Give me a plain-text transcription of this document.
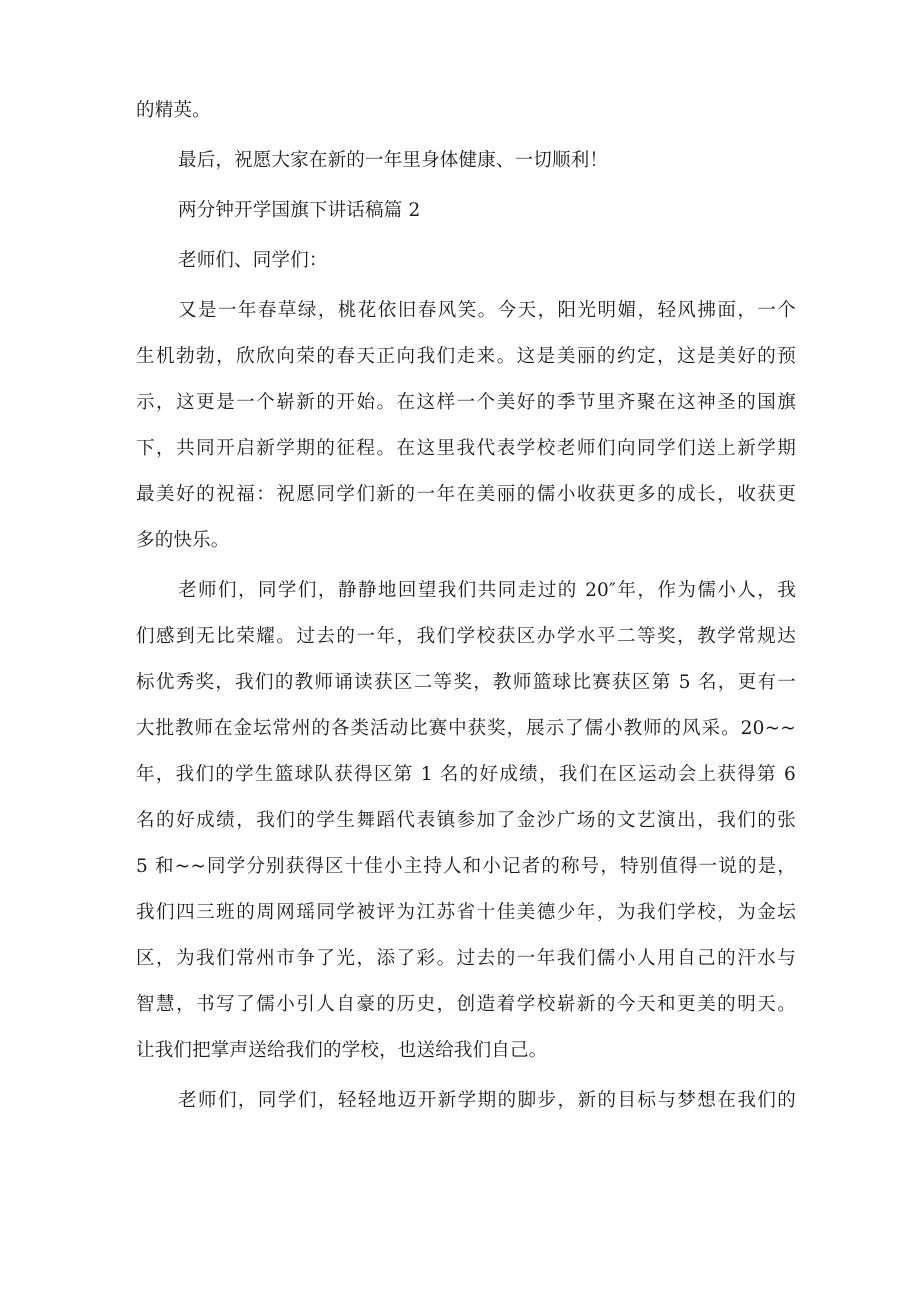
的精英。
最后，祝愿大家在新的一年里身体健康、一切顺利！
两分钟开学国旗下讲话稿篇 2
老师们、同学们：
又是一年春草绿，桃花依旧春风笑。今天，阳光明媚，轻风拂面，一个
生机勃勃，欣欣向荣的春天正向我们走来。这是美丽的约定，这是美好的预
示，这更是一个崭新的开始。在这样一个美好的季节里齐聚在这神圣的国旗
下，共同开启新学期的征程。在这里我代表学校老师们向同学们送上新学期
最美好的祝福：祝愿同学们新的一年在美丽的儒小收获更多的成长，收获更
多的快乐。
老师们，同学们，静静地回望我们共同走过的 20″年，作为儒小人，我
们感到无比荣耀。过去的一年，我们学校获区办学水平二等奖，教学常规达
标优秀奖，我们的教师诵读获区二等奖，教师篮球比赛获区第 5 名，更有一
大批教师在金坛常州的各类活动比赛中获奖，展示了儒小教师的风采。20~~
年，我们的学生篮球队获得区第 1 名的好成绩，我们在区运动会上获得第 6
名的好成绩，我们的学生舞蹈代表镇参加了金沙广场的文艺演出，我们的张
5 和~~同学分别获得区十佳小主持人和小记者的称号，特别值得一说的是，
我们四三班的周网瑶同学被评为江苏省十佳美德少年，为我们学校，为金坛
区，为我们常州市争了光，添了彩。过去的一年我们儒小人用自己的汗水与
智慧，书写了儒小引人自豪的历史，创造着学校崭新的今天和更美的明天。
让我们把掌声送给我们的学校，也送给我们自己。
老师们，同学们，轻轻地迈开新学期的脚步，新的目标与梦想在我们的
